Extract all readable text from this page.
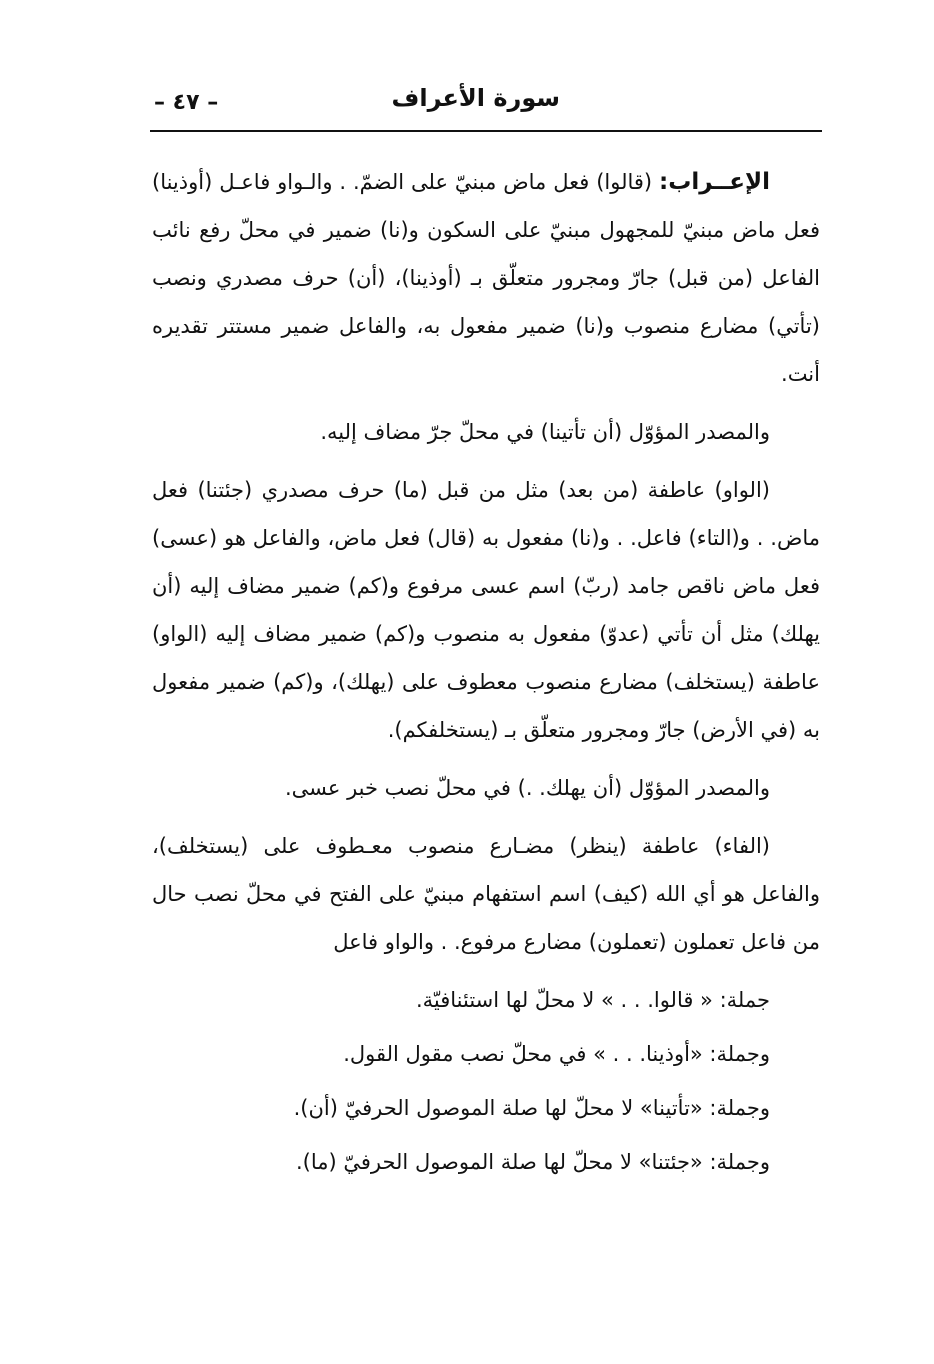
سورة الأعراف
– ٤٧ –

الإعــراب: (قالوا) فعل ماض مبنيّ على الضمّ. . والـواو فاعـل (أوذينا) فعل ماض مبنيّ للمجهول مبنيّ على السكون و(نا) ضمير في محلّ رفع نائب الفاعل (من قبل) جارّ ومجرور متعلّق بـ (أوذينا)، (أن) حرف مصدري ونصب (تأتي) مضارع منصوب و(نا) ضمير مفعول به، والفاعل ضمير مستتر تقديره أنت.

والمصدر المؤوّل (أن تأتينا) في محلّ جرّ مضاف إليه.

(الواو) عاطفة (من بعد) مثل من قبل (ما) حرف مصدري (جئتنا) فعل ماض. . و(التاء) فاعل. . و(نا) مفعول به (قال) فعل ماض، والفاعل هو (عسى) فعل ماض ناقص جامد (ربّ) اسم عسى مرفوع و(كم) ضمير مضاف إليه (أن يهلك) مثل أن تأتي (عدوّ) مفعول به منصوب و(كم) ضمير مضاف إليه (الواو) عاطفة (يستخلف) مضارع منصوب معطوف على (يهلك)، و(كم) ضمير مفعول به (في الأرض) جارّ ومجرور متعلّق بـ (يستخلفكم).

والمصدر المؤوّل (أن يهلك. .) في محلّ نصب خبر عسى.

(الفاء) عاطفة (ينظر) مضـارع منصوب معـطوف على (يستخلف)، والفاعل هو أي الله (كيف) اسم استفهام مبنيّ على الفتح في محلّ نصب حال من فاعل تعملون (تعملون) مضارع مرفوع. . والواو فاعل

جملة: « قالوا. . . » لا محلّ لها استئنافيّة.
وجملة: «أوذينا. . . » في محلّ نصب مقول القول.
وجملة: «تأتينا» لا محلّ لها صلة الموصول الحرفيّ (أن).
وجملة: «جئتنا» لا محلّ لها صلة الموصول الحرفيّ (ما).
